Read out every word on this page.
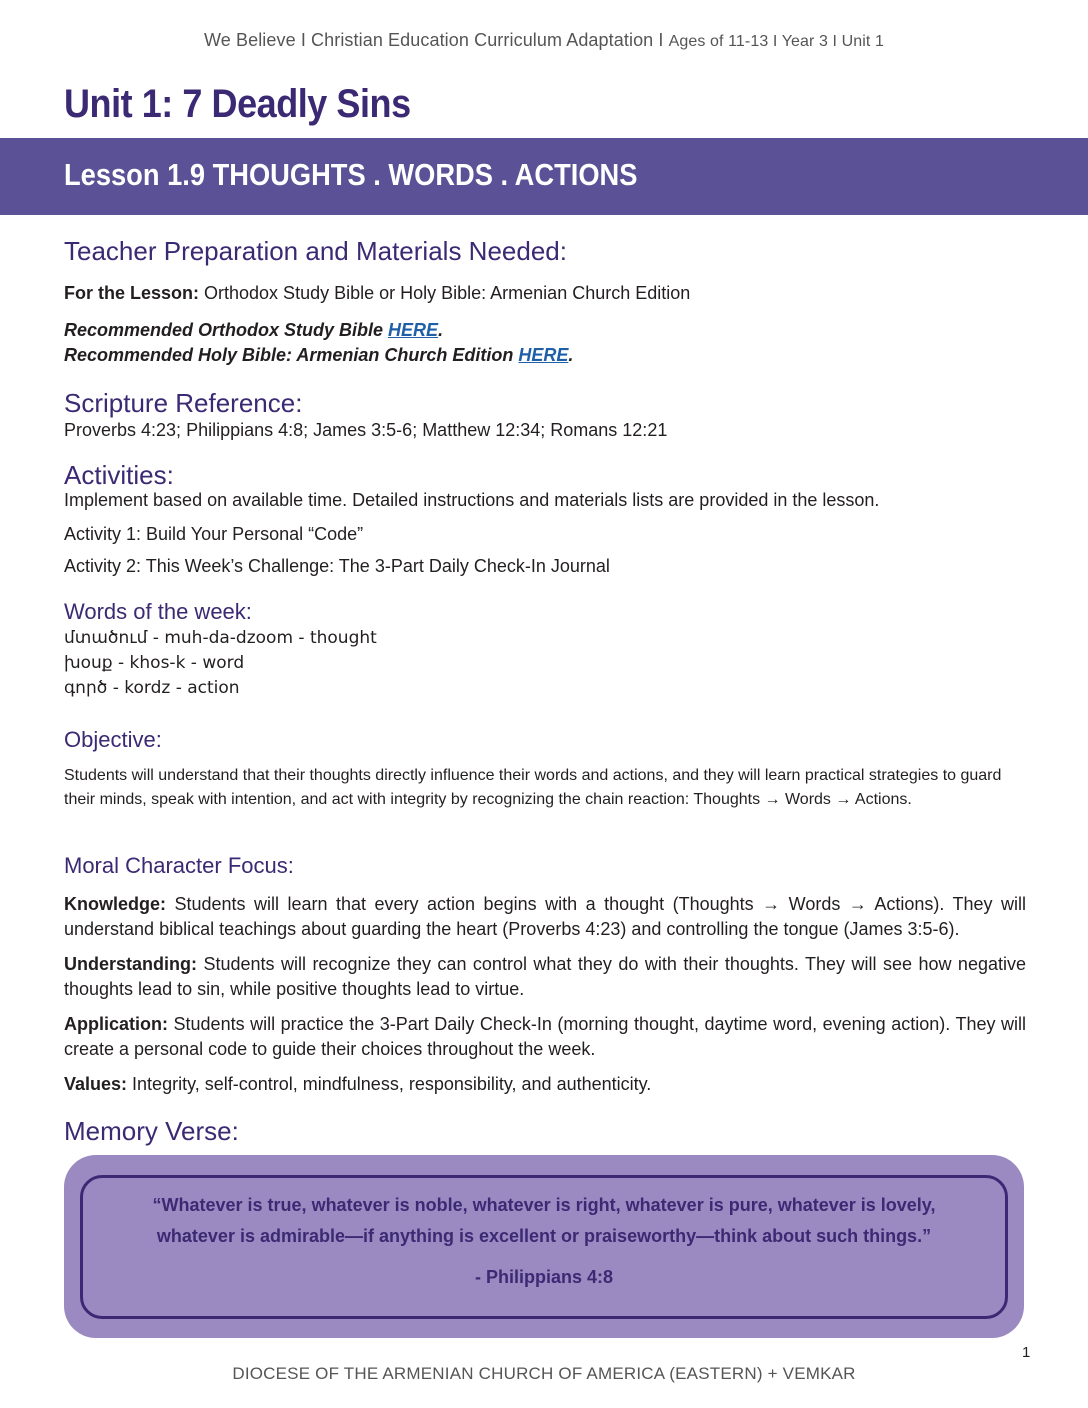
We Believe I Christian Education Curriculum Adaptation I Ages of 11-13 I Year 3 I Unit 1
Unit 1: 7 Deadly Sins
Lesson 1.9 THOUGHTS . WORDS . ACTIONS
Teacher Preparation and Materials Needed:

For the Lesson: Orthodox Study Bible or Holy Bible: Armenian Church Edition

Recommended Orthodox Study Bible HERE.

Recommended Holy Bible: Armenian Church Edition HERE.

Scripture Reference:

Proverbs 4:23; Philippians 4:8; James 3:5-6; Matthew 12:34; Romans 12:21

Activities:

Implement based on available time. Detailed instructions and materials lists are provided in the lesson.

Activity 1: Build Your Personal “Code”

Activity 2: This Week’s Challenge: The 3-Part Daily Check-In Journal

Words of the week:

մտածում - muh-da-dzoom - thought

խօսք - khos-k - word

գործ - kordz - action

Objective:

Students will understand that their thoughts directly influence their words and actions, and they will learn practical strategies to guard their minds, speak with intention, and act with integrity by recognizing the chain reaction: Thoughts → Words → Actions.

Moral Character Focus:

Knowledge: Students will learn that every action begins with a thought (Thoughts → Words → Actions). They will understand biblical teachings about guarding the heart (Proverbs 4:23) and controlling the tongue (James 3:5-6).

Understanding: Students will recognize they can control what they do with their thoughts. They will see how negative thoughts lead to sin, while positive thoughts lead to virtue.

Application: Students will practice the 3-Part Daily Check-In (morning thought, daytime word, evening action). They will create a personal code to guide their choices throughout the week.

Values: Integrity, self-control, mindfulness, responsibility, and authenticity.

Memory Verse:
“Whatever is true, whatever is noble, whatever is right, whatever is pure, whatever is lovely,
whatever is admirable—if anything is excellent or praiseworthy—think about such things.”
- Philippians 4:8
1
DIOCESE OF THE ARMENIAN CHURCH OF AMERICA (EASTERN) + VEMKAR
